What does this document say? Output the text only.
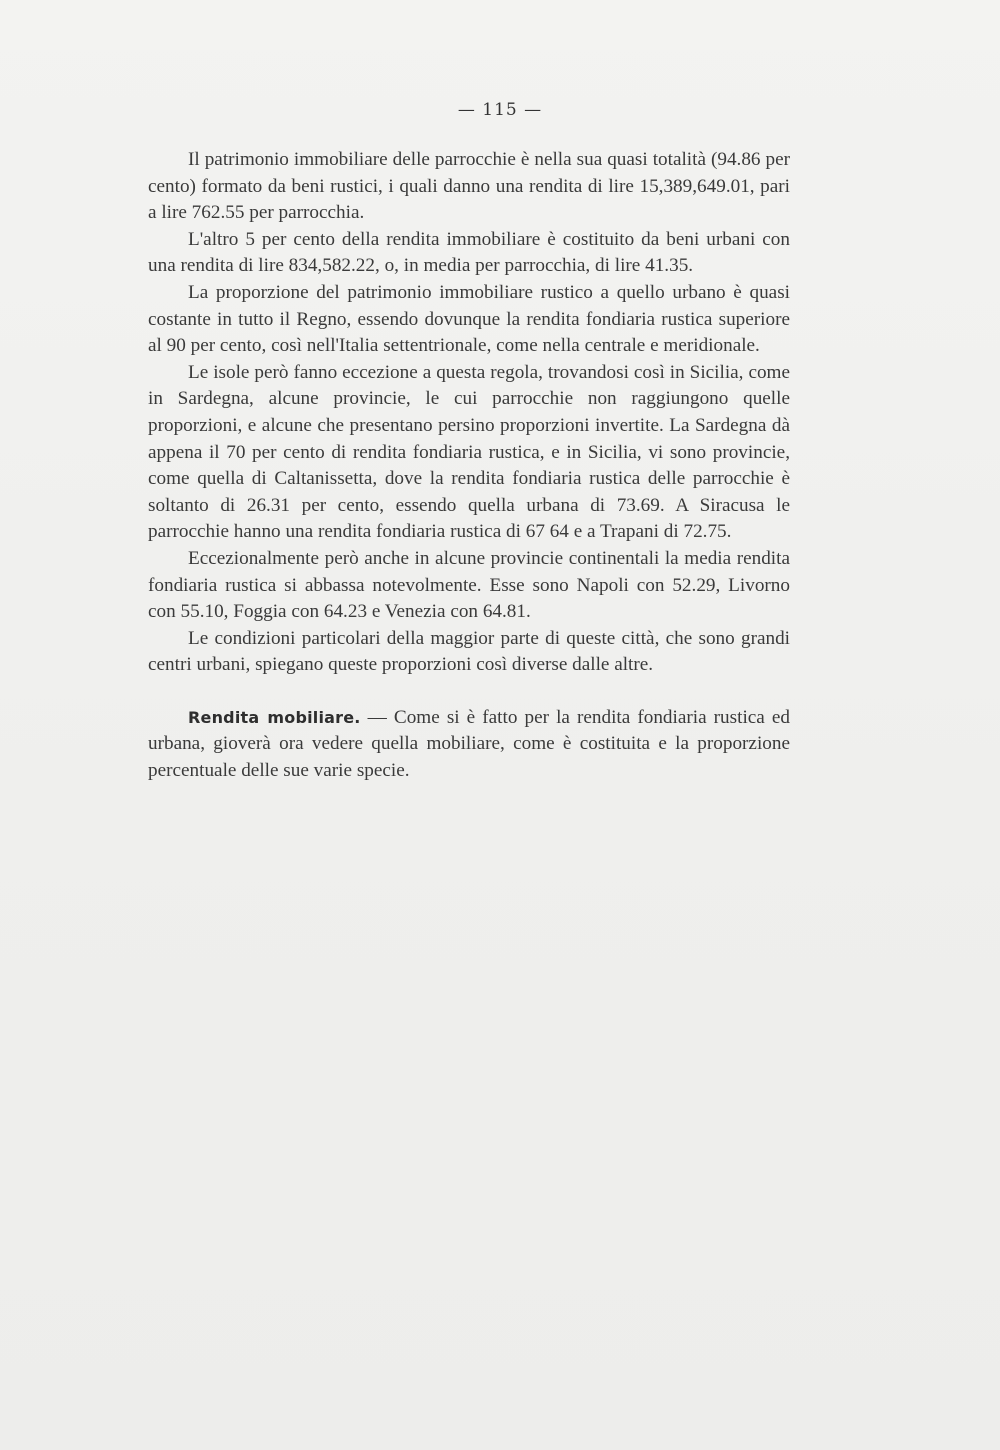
— 115 —

Il patrimonio immobiliare delle parrocchie è nella sua quasi totalità (94.86 per cento) formato da beni rustici, i quali danno una rendita di lire 15,389,649.01, pari a lire 762.55 per parrocchia.

L'altro 5 per cento della rendita immobiliare è costituito da beni urbani con una rendita di lire 834,582.22, o, in media per parrocchia, di lire 41.35.

La proporzione del patrimonio immobiliare rustico a quello urbano è quasi costante in tutto il Regno, essendo dovunque la rendita fondiaria rustica superiore al 90 per cento, così nell'Italia settentrionale, come nella centrale e meridionale.

Le isole però fanno eccezione a questa regola, trovandosi così in Sicilia, come in Sardegna, alcune provincie, le cui parrocchie non raggiungono quelle proporzioni, e alcune che presentano persino proporzioni invertite. La Sardegna dà appena il 70 per cento di rendita fondiaria rustica, e in Sicilia, vi sono provincie, come quella di Caltanissetta, dove la rendita fondiaria rustica delle parrocchie è soltanto di 26.31 per cento, essendo quella urbana di 73.69. A Siracusa le parrocchie hanno una rendita fondiaria rustica di 67 64 e a Trapani di 72.75.

Eccezionalmente però anche in alcune provincie continentali la media rendita fondiaria rustica si abbassa notevolmente. Esse sono Napoli con 52.29, Livorno con 55.10, Foggia con 64.23 e Venezia con 64.81.

Le condizioni particolari della maggior parte di queste città, che sono grandi centri urbani, spiegano queste proporzioni così diverse dalle altre.

Rendita mobiliare. — Come si è fatto per la rendita fondiaria rustica ed urbana, gioverà ora vedere quella mobiliare, come è costituita e la proporzione percentuale delle sue varie specie.
